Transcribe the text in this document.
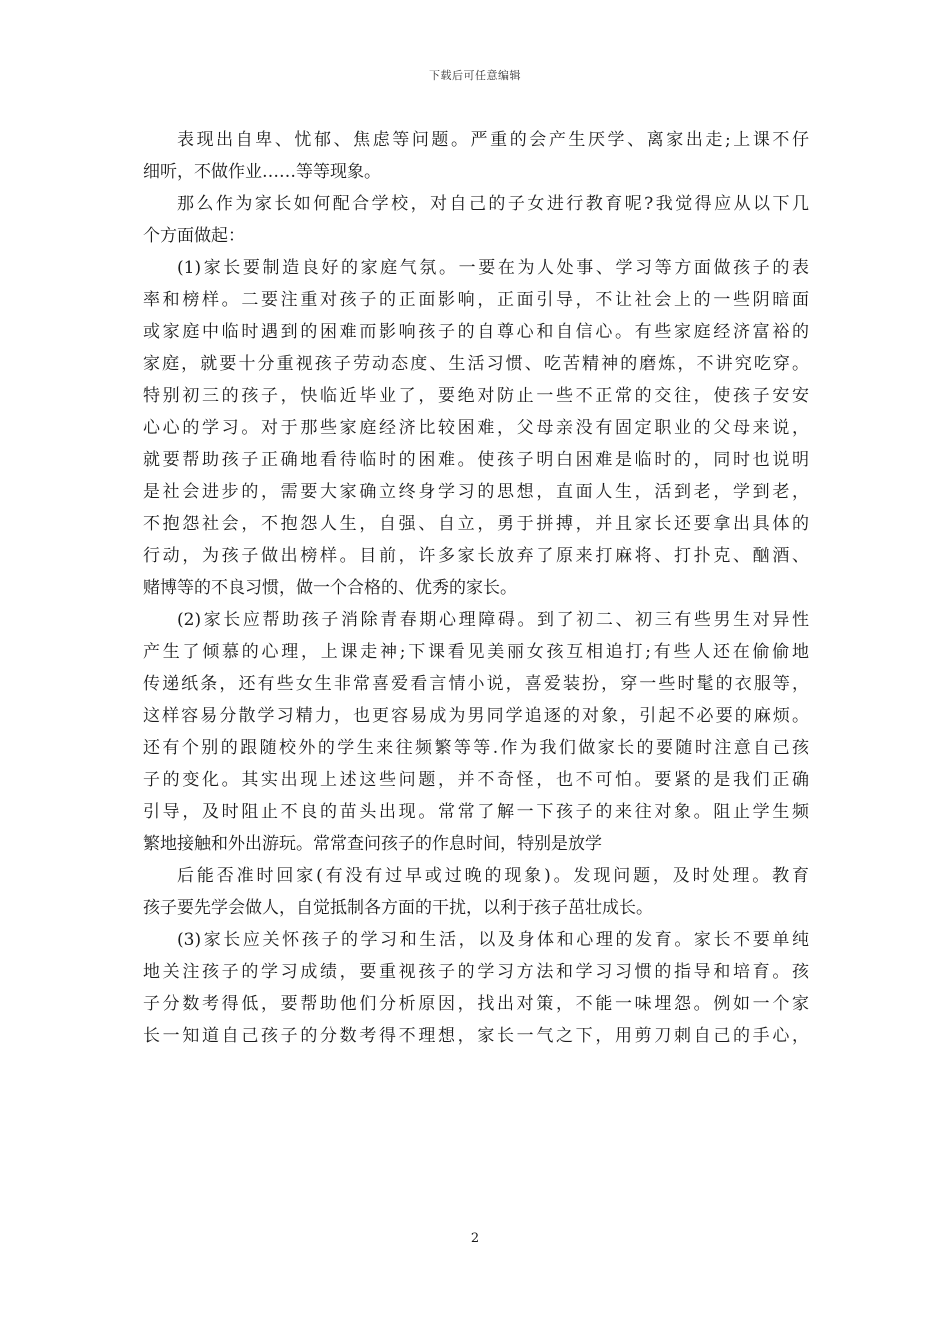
下载后可任意编辑
表现出自卑、忧郁、焦虑等问题。严重的会产生厌学、离家出走;上课不仔
细听，不做作业……等等现象。
那么作为家长如何配合学校，对自己的子女进行教育呢?我觉得应从以下几
个方面做起：
(1)家长要制造良好的家庭气氛。一要在为人处事、学习等方面做孩子的表
率和榜样。二要注重对孩子的正面影响，正面引导，不让社会上的一些阴暗面
或家庭中临时遇到的困难而影响孩子的自尊心和自信心。有些家庭经济富裕的
家庭，就要十分重视孩子劳动态度、生活习惯、吃苦精神的磨炼，不讲究吃穿。
特别初三的孩子，快临近毕业了，要绝对防止一些不正常的交往，使孩子安安
心心的学习。对于那些家庭经济比较困难，父母亲没有固定职业的父母来说，
就要帮助孩子正确地看待临时的困难。使孩子明白困难是临时的，同时也说明
是社会进步的，需要大家确立终身学习的思想，直面人生，活到老，学到老，
不抱怨社会，不抱怨人生，自强、自立，勇于拼搏，并且家长还要拿出具体的
行动，为孩子做出榜样。目前，许多家长放弃了原来打麻将、打扑克、酗酒、
赌博等的不良习惯，做一个合格的、优秀的家长。
(2)家长应帮助孩子消除青春期心理障碍。到了初二、初三有些男生对异性
产生了倾慕的心理，上课走神;下课看见美丽女孩互相追打;有些人还在偷偷地
传递纸条，还有些女生非常喜爱看言情小说，喜爱装扮，穿一些时髦的衣服等，
这样容易分散学习精力，也更容易成为男同学追逐的对象，引起不必要的麻烦。
还有个别的跟随校外的学生来往频繁等等.作为我们做家长的要随时注意自己孩
子的变化。其实出现上述这些问题，并不奇怪，也不可怕。要紧的是我们正确
引导，及时阻止不良的苗头出现。常常了解一下孩子的来往对象。阻止学生频
繁地接触和外出游玩。常常查问孩子的作息时间，特别是放学
后能否准时回家(有没有过早或过晚的现象)。发现问题，及时处理。教育
孩子要先学会做人，自觉抵制各方面的干扰，以利于孩子茁壮成长。
(3)家长应关怀孩子的学习和生活，以及身体和心理的发育。家长不要单纯
地关注孩子的学习成绩，要重视孩子的学习方法和学习习惯的指导和培育。孩
子分数考得低，要帮助他们分析原因，找出对策，不能一味埋怨。例如一个家
长一知道自己孩子的分数考得不理想，家长一气之下，用剪刀刺自己的手心，
2
